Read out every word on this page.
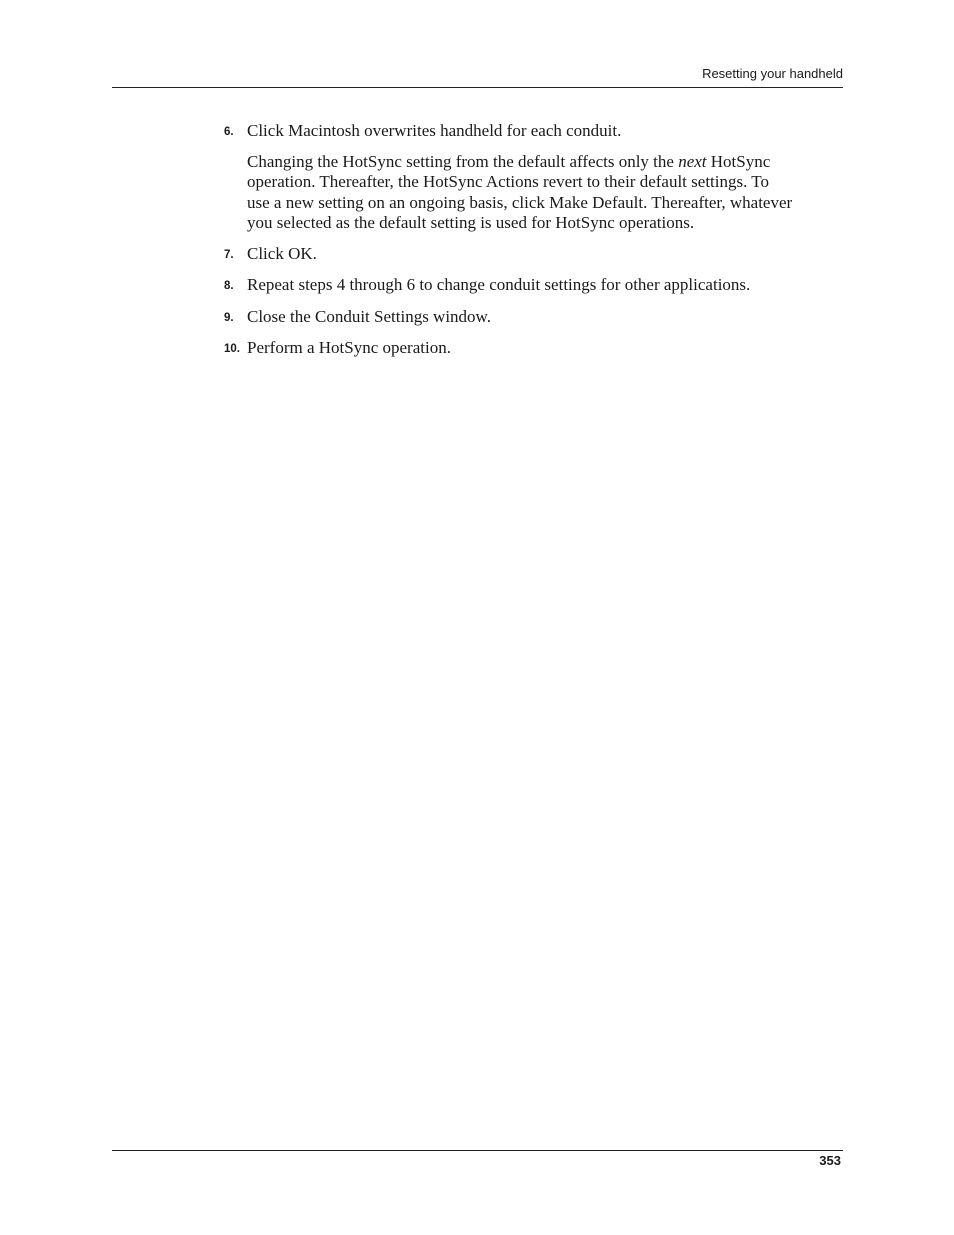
Resetting your handheld
6. Click Macintosh overwrites handheld for each conduit.
Changing the HotSync setting from the default affects only the next HotSync
operation. Thereafter, the HotSync Actions revert to their default settings. To
use a new setting on an ongoing basis, click Make Default. Thereafter, whatever
you selected as the default setting is used for HotSync operations.
7. Click OK.
8. Repeat steps 4 through 6 to change conduit settings for other applications.
9. Close the Conduit Settings window.
10. Perform a HotSync operation.
353
